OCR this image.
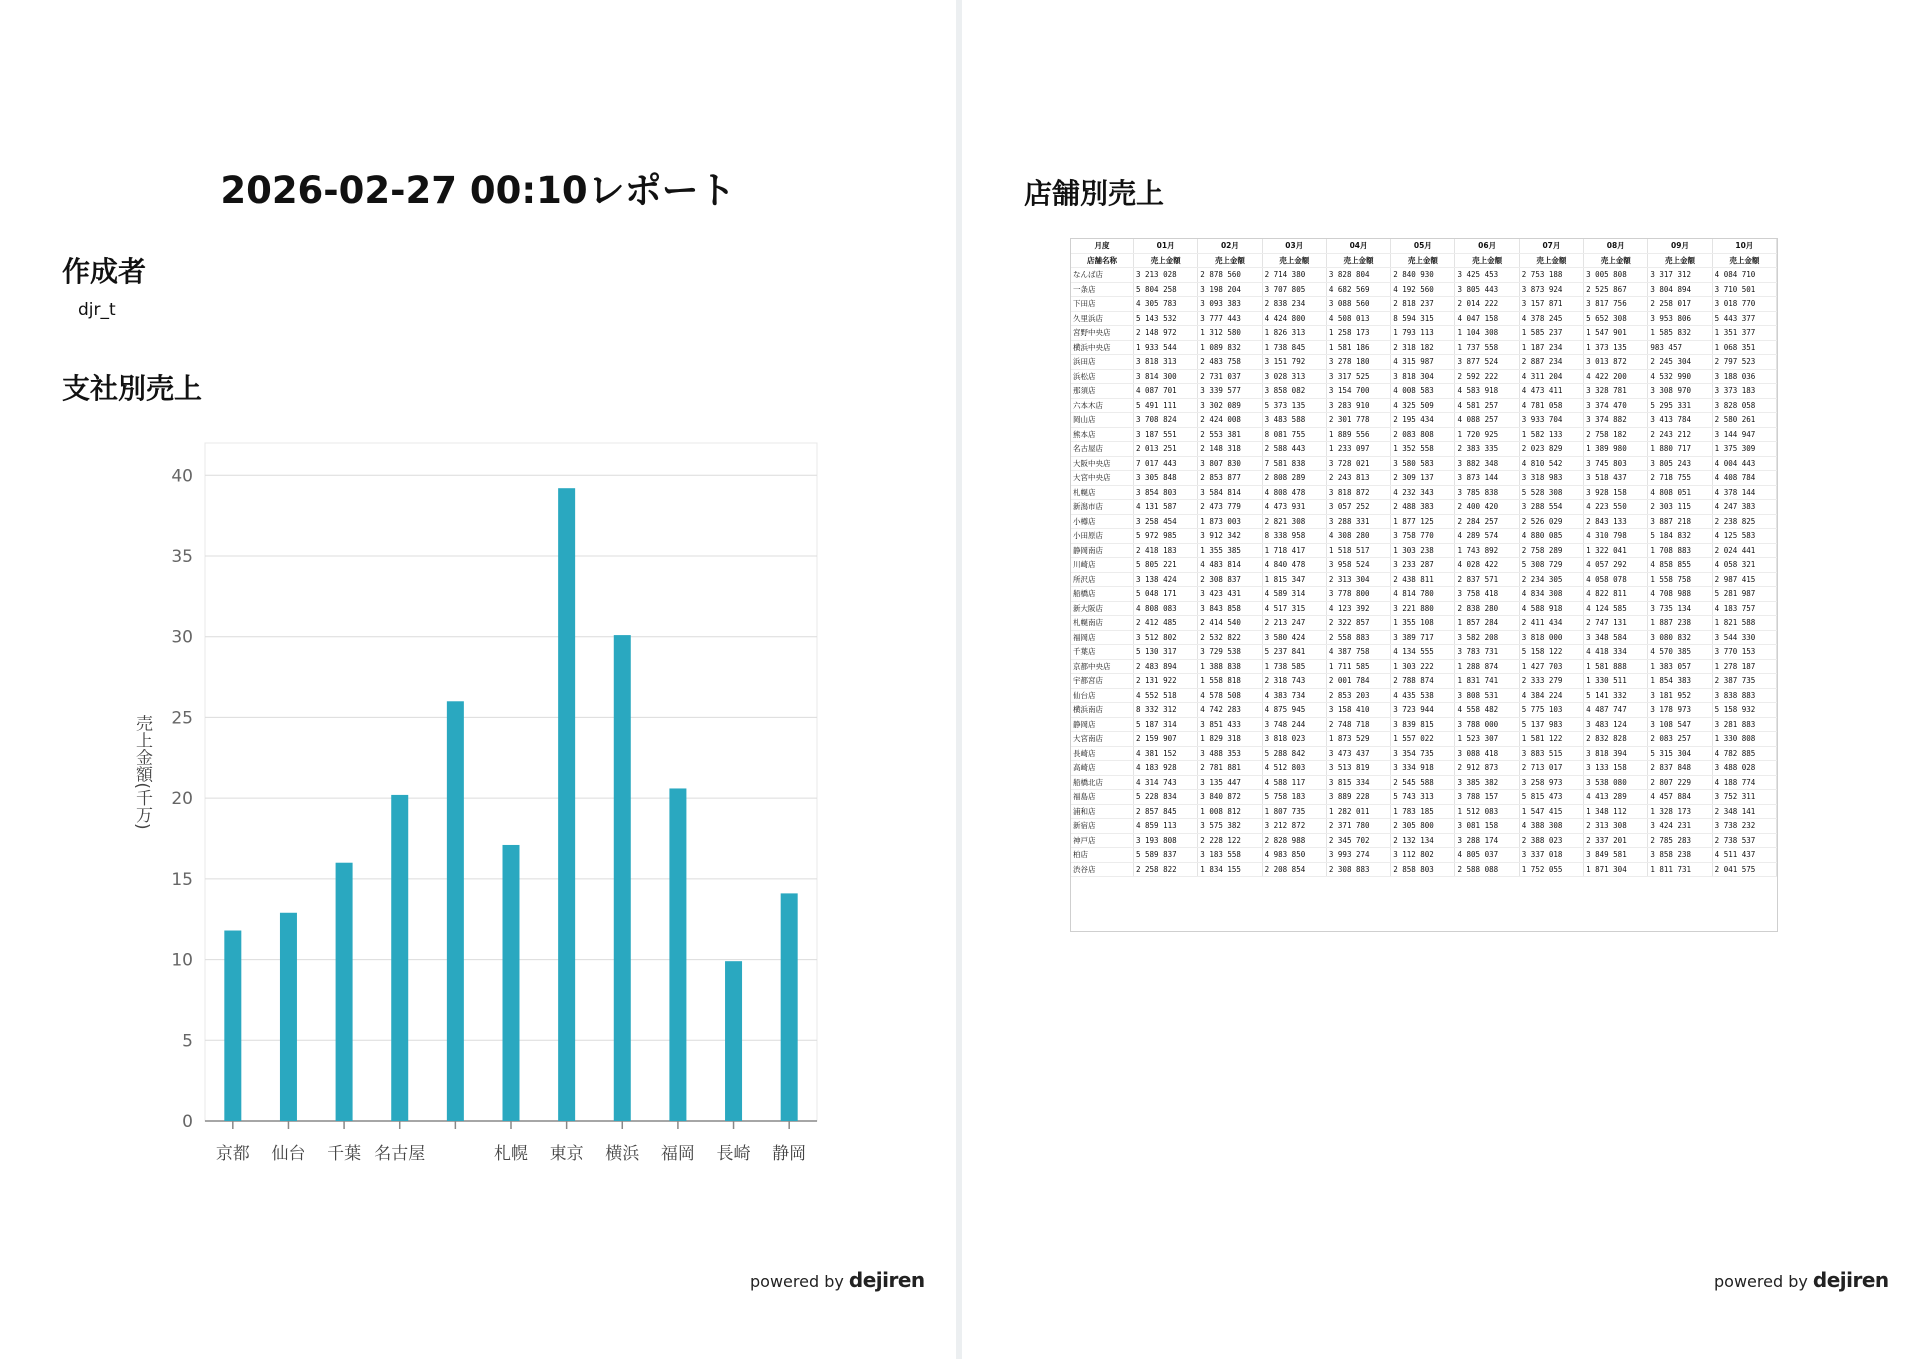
2026-02-27 00:10レポート
作成者
djr_t
支社別売上
0
5
10
15
20
25
30
35
40
京都 仙台 千葉 名古屋	札幌 東京 横浜 福岡 長崎 静岡
売上金額(千万)
powered by dejiren
店舗別売上
月度	01月	02月	03月	04月	05月	06月	07月	08月	09月	10月
店舗名称	売上金額	売上金額	売上金額	売上金額	売上金額	売上金額	売上金額	売上金額	売上金額	売上金額
なんば店	3 213 028	2 878 560	2 714 380	3 828 804	2 840 930	3 425 453	2 753 188	3 005 808	3 317 312	4 084 710
一条店	5 804 258	3 198 204	3 707 805	4 682 569	4 192 560	3 805 443	3 873 924	2 525 867	3 804 894	3 710 501
下田店	4 305 783	3 093 383	2 838 234	3 088 560	2 818 237	2 014 222	3 157 871	3 817 756	2 258 017	3 018 770
久里浜店	5 143 532	3 777 443	4 424 800	4 508 013	8 594 315	4 047 158	4 378 245	5 652 308	3 953 806	5 443 377
宮野中央店	2 148 972	1 312 580	1 826 313	1 258 173	1 793 113	1 104 308	1 585 237	1 547 901	1 585 832	1 351 377
横浜中央店	1 933 544	1 089 832	1 738 845	1 581 186	2 318 182	1 737 558	1 187 234	1 373 135	983 457	1 068 351
浜田店	3 818 313	2 483 758	3 151 792	3 278 180	4 315 987	3 877 524	2 887 234	3 013 872	2 245 304	2 797 523
浜松店	3 814 300	2 731 037	3 028 313	3 317 525	3 818 304	2 592 222	4 311 204	4 422 200	4 532 990	3 188 036
那須店	4 087 701	3 339 577	3 858 082	3 154 700	4 008 583	4 583 918	4 473 411	3 328 781	3 308 970	3 373 183
六本木店	5 491 111	3 302 089	5 373 135	3 283 910	4 325 509	4 581 257	4 781 058	3 374 470	5 295 331	3 828 058
岡山店	3 708 824	2 424 008	3 483 588	2 301 778	2 195 434	4 088 257	3 933 704	3 374 882	3 413 784	2 580 261
熊本店	3 187 551	2 553 381	8 081 755	1 889 556	2 083 808	1 720 925	1 582 133	2 758 182	2 243 212	3 144 947
名古屋店	2 013 251	2 148 318	2 588 443	1 233 097	1 352 558	2 383 335	2 023 829	1 389 980	1 880 717	1 375 309
大阪中央店	7 017 443	3 807 830	7 581 838	3 728 021	3 580 583	3 882 348	4 810 542	3 745 803	3 805 243	4 004 443
大宮中央店	3 305 848	2 853 877	2 808 289	2 243 813	2 309 137	3 873 144	3 318 983	3 518 437	2 718 755	4 408 784
札幌店	3 854 803	3 584 814	4 808 478	3 818 872	4 232 343	3 785 838	5 528 308	3 928 158	4 808 051	4 378 144
新潟市店	4 131 587	2 473 779	4 473 931	3 057 252	2 488 383	2 400 420	3 288 554	4 223 550	2 303 115	4 247 383
小樽店	3 258 454	1 873 003	2 821 308	3 288 331	1 877 125	2 284 257	2 526 029	2 843 133	3 887 218	2 238 825
小田原店	5 972 985	3 912 342	8 338 958	4 308 280	3 758 770	4 289 574	4 880 085	4 310 798	5 184 832	4 125 583
静岡南店	2 418 183	1 355 385	1 718 417	1 518 517	1 303 238	1 743 892	2 758 289	1 322 041	1 708 883	2 024 441
川崎店	5 805 221	4 483 814	4 840 478	3 958 524	3 233 287	4 028 422	5 308 729	4 057 292	4 858 855	4 058 321
所沢店	3 138 424	2 308 837	1 815 347	2 313 304	2 438 811	2 837 571	2 234 305	4 058 078	1 558 758	2 987 415
船橋店	5 048 171	3 423 431	4 589 314	3 778 800	4 814 780	3 758 418	4 834 308	4 822 811	4 708 988	5 281 987
新大阪店	4 808 083	3 843 858	4 517 315	4 123 392	3 221 880	2 838 280	4 588 918	4 124 585	3 735 134	4 183 757
札幌南店	2 412 485	2 414 540	2 213 247	2 322 857	1 355 108	1 857 284	2 411 434	2 747 131	1 887 238	1 821 588
福岡店	3 512 802	2 532 822	3 580 424	2 558 883	3 389 717	3 582 208	3 818 000	3 348 584	3 080 832	3 544 330
千葉店	5 130 317	3 729 538	5 237 841	4 387 758	4 134 555	3 783 731	5 158 122	4 418 334	4 570 385	3 770 153
京都中央店	2 483 894	1 388 838	1 738 585	1 711 585	1 303 222	1 288 874	1 427 703	1 581 888	1 383 057	1 278 187
宇都宮店	2 131 922	1 558 818	2 318 743	2 001 784	2 788 874	1 831 741	2 333 279	1 330 511	1 854 383	2 387 735
仙台店	4 552 518	4 578 508	4 383 734	2 853 203	4 435 538	3 808 531	4 384 224	5 141 332	3 181 952	3 838 883
横浜南店	8 332 312	4 742 283	4 875 945	3 158 410	3 723 944	4 558 482	5 775 103	4 487 747	3 178 973	5 158 932
静岡店	5 187 314	3 851 433	3 748 244	2 748 718	3 839 815	3 788 000	5 137 983	3 483 124	3 108 547	3 281 883
大宮南店	2 159 907	1 829 318	3 818 023	1 873 529	1 557 022	1 523 307	1 581 122	2 832 828	2 083 257	1 330 808
長崎店	4 381 152	3 488 353	5 288 842	3 473 437	3 354 735	3 088 418	3 883 515	3 818 394	5 315 304	4 782 885
高崎店	4 183 928	2 781 881	4 512 803	3 513 819	3 334 918	2 912 873	2 713 017	3 133 158	2 837 848	3 488 028
船橋北店	4 314 743	3 135 447	4 588 117	3 815 334	2 545 588	3 385 382	3 258 973	3 538 080	2 807 229	4 188 774
福島店	5 228 834	3 840 872	5 758 183	3 889 228	5 743 313	3 788 157	5 815 473	4 413 289	4 457 884	3 752 311
浦和店	2 857 845	1 008 812	1 807 735	1 282 011	1 783 185	1 512 083	1 547 415	1 348 112	1 328 173	2 348 141
新宿店	4 859 113	3 575 382	3 212 872	2 371 780	2 305 800	3 081 158	4 388 308	2 313 308	3 424 231	3 738 232
神戸店	3 193 808	2 228 122	2 828 988	2 345 702	2 132 134	3 288 174	2 388 023	2 337 201	2 785 283	2 738 537
柏店	5 589 837	3 183 558	4 983 850	3 993 274	3 112 802	4 805 037	3 337 018	3 849 581	3 858 238	4 511 437
渋谷店	2 258 822	1 834 155	2 208 854	2 308 883	2 858 803	2 588 088	1 752 055	1 871 304	1 811 731	2 041 575
powered by dejiren
